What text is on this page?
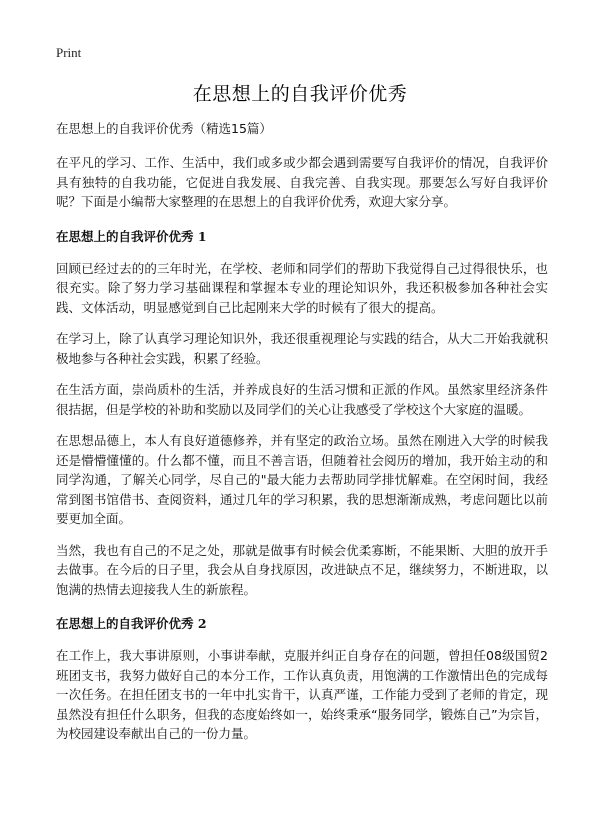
Print
在思想上的自我评价优秀
在思想上的自我评价优秀（精选15篇）

在平凡的学习、工作、生活中，我们或多或少都会遇到需要写自我评价的情况，自我评价具有独特的自我功能，它促进自我发展、自我完善、自我实现。那要怎么写好自我评价呢？下面是小编帮大家整理的在思想上的自我评价优秀，欢迎大家分享。

在思想上的自我评价优秀 1

回顾已经过去的的三年时光，在学校、老师和同学们的帮助下我觉得自己过得很快乐，也很充实。除了努力学习基础课程和掌握本专业的理论知识外，我还积极参加各种社会实践、文体活动，明显感觉到自己比起刚来大学的时候有了很大的提高。

在学习上，除了认真学习理论知识外，我还很重视理论与实践的结合，从大二开始我就积极地参与各种社会实践，积累了经验。

在生活方面，崇尚质朴的生活，并养成良好的生活习惯和正派的作风。虽然家里经济条件很拮据，但是学校的补助和奖励以及同学们的关心让我感受了学校这个大家庭的温暖。

在思想品德上，本人有良好道德修养，并有坚定的政治立场。虽然在刚进入大学的时候我还是懵懵懂懂的。什么都不懂，而且不善言语，但随着社会阅历的增加，我开始主动的和同学沟通，了解关心同学，尽自己的"最大能力去帮助同学排忧解难。在空闲时间，我经常到图书馆借书、查阅资料，通过几年的学习积累，我的思想渐渐成熟，考虑问题比以前要更加全面。

当然，我也有自己的不足之处，那就是做事有时候会优柔寡断，不能果断、大胆的放开手去做事。在今后的日子里，我会从自身找原因，改进缺点不足，继续努力，不断进取，以饱满的热情去迎接我人生的新旅程。

在思想上的自我评价优秀 2

在工作上，我大事讲原则，小事讲奉献，克服并纠正自身存在的问题，曾担任08级国贸2班团支书，我努力做好自己的本分工作，工作认真负责，用饱满的工作激情出色的完成每一次任务。在担任团支书的一年中扎实肯干，认真严谨，工作能力受到了老师的肯定，现虽然没有担任什么职务，但我的态度始终如一，始终秉承“服务同学，锻炼自己”为宗旨，为校园建设奉献出自己的一份力量。
